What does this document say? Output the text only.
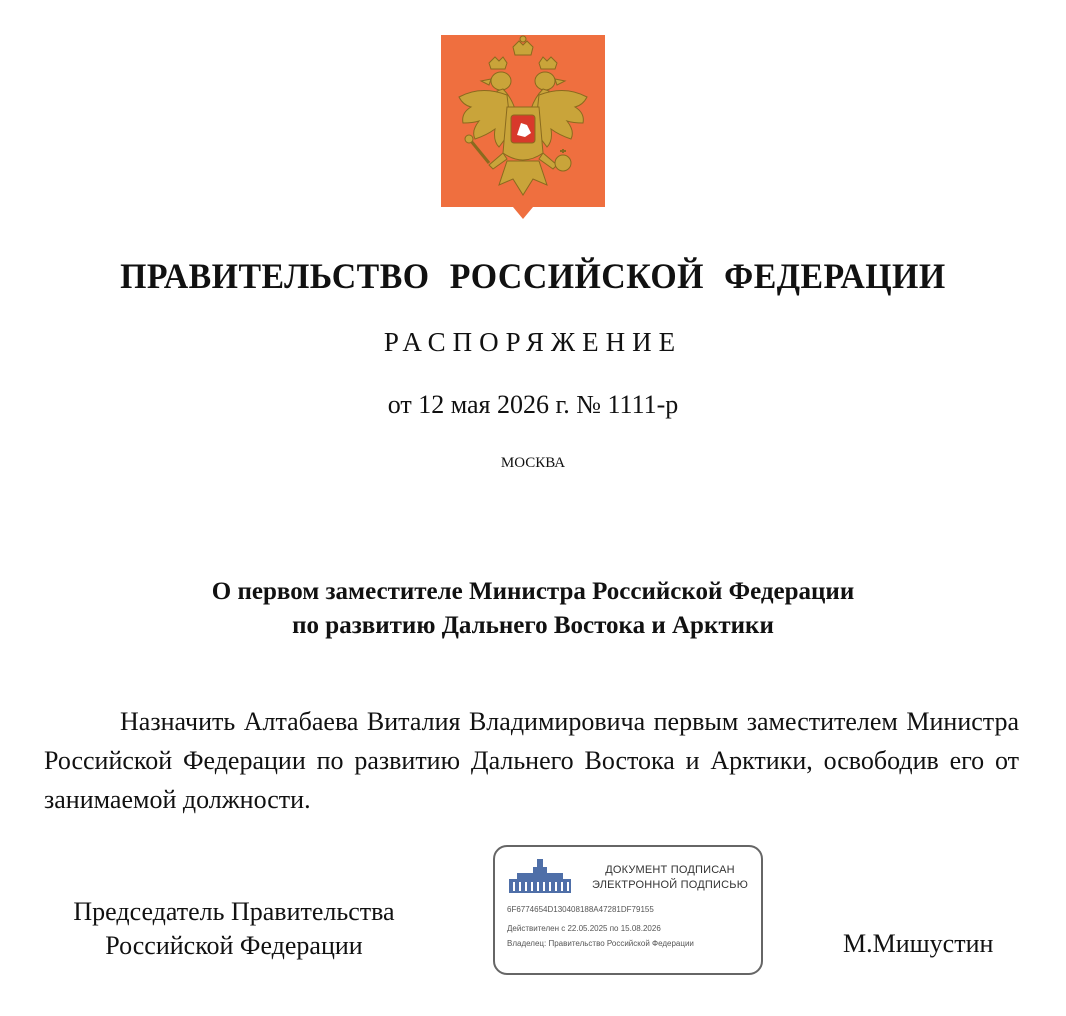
ПРАВИТЕЛЬСТВО РОССИЙСКОЙ ФЕДЕРАЦИИ
РАСПОРЯЖЕНИЕ
от 12 мая 2026 г. № 1111-р
МОСКВА
О первом заместителе Министра Российской Федерации
по развитию Дальнего Востока и Арктики
Назначить Алтабаева Виталия Владимировича первым заместителем Министра Российской Федерации по развитию Дальнего Востока и Арктики, освободив его от занимаемой должности.
Председатель Правительства
Российской Федерации
ДОКУМЕНТ ПОДПИСАН
ЭЛЕКТРОННОЙ ПОДПИСЬЮ
6F6774654D130408188A47281DF79155
Действителен с 22.05.2025 по 15.08.2026
Владелец: Правительство Российской Федерации	М.Мишустин
